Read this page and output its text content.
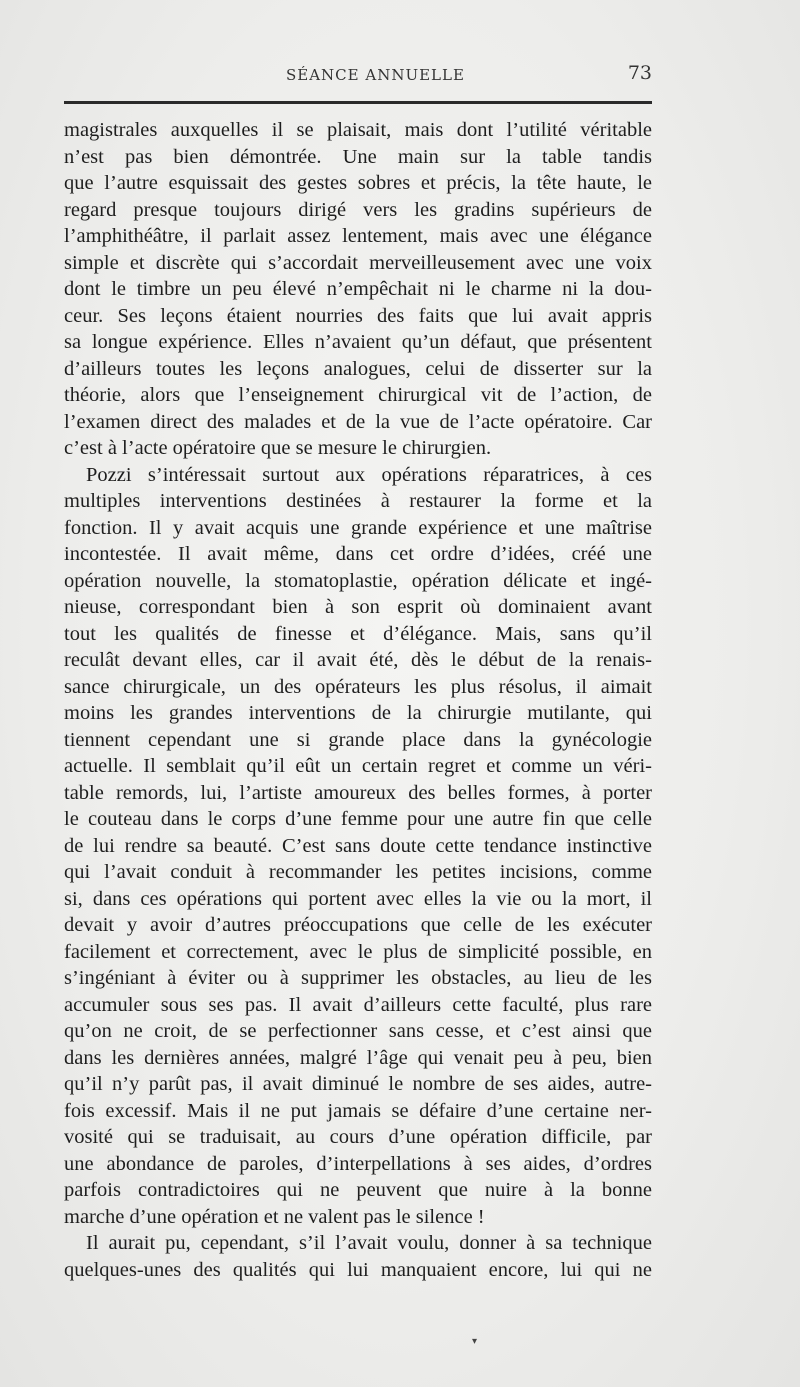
SÉANCE ANNUELLE	73
magistrales auxquelles il se plaisait, mais dont l’utilité véritable
n’est pas bien démontrée. Une main sur la table tandis
que l’autre esquissait des gestes sobres et précis, la tête haute, le
regard presque toujours dirigé vers les gradins supérieurs de
l’amphithéâtre, il parlait assez lentement, mais avec une élégance
simple et discrète qui s’accordait merveilleusement avec une voix
dont le timbre un peu élevé n’empêchait ni le charme ni la dou-
ceur. Ses leçons étaient nourries des faits que lui avait appris
sa longue expérience. Elles n’avaient qu’un défaut, que présentent
d’ailleurs toutes les leçons analogues, celui de disserter sur la
théorie, alors que l’enseignement chirurgical vit de l’action, de
l’examen direct des malades et de la vue de l’acte opératoire. Car
c’est à l’acte opératoire que se mesure le chirurgien.
Pozzi s’intéressait surtout aux opérations réparatrices, à ces
multiples interventions destinées à restaurer la forme et la
fonction. Il y avait acquis une grande expérience et une maîtrise
incontestée. Il avait même, dans cet ordre d’idées, créé une
opération nouvelle, la stomatoplastie, opération délicate et ingé-
nieuse, correspondant bien à son esprit où dominaient avant
tout les qualités de finesse et d’élégance. Mais, sans qu’il
reculât devant elles, car il avait été, dès le début de la renais-
sance chirurgicale, un des opérateurs les plus résolus, il aimait
moins les grandes interventions de la chirurgie mutilante, qui
tiennent cependant une si grande place dans la gynécologie
actuelle. Il semblait qu’il eût un certain regret et comme un véri-
table remords, lui, l’artiste amoureux des belles formes, à porter
le couteau dans le corps d’une femme pour une autre fin que celle
de lui rendre sa beauté. C’est sans doute cette tendance instinctive
qui l’avait conduit à recommander les petites incisions, comme
si, dans ces opérations qui portent avec elles la vie ou la mort, il
devait y avoir d’autres préoccupations que celle de les exécuter
facilement et correctement, avec le plus de simplicité possible, en
s’ingéniant à éviter ou à supprimer les obstacles, au lieu de les
accumuler sous ses pas. Il avait d’ailleurs cette faculté, plus rare
qu’on ne croit, de se perfectionner sans cesse, et c’est ainsi que
dans les dernières années, malgré l’âge qui venait peu à peu, bien
qu’il n’y parût pas, il avait diminué le nombre de ses aides, autre-
fois excessif. Mais il ne put jamais se défaire d’une certaine ner-
vosité qui se traduisait, au cours d’une opération difficile, par
une abondance de paroles, d’interpellations à ses aides, d’ordres
parfois contradictoires qui ne peuvent que nuire à la bonne
marche d’une opération et ne valent pas le silence !
Il aurait pu, cependant, s’il l’avait voulu, donner à sa technique
quelques-unes des qualités qui lui manquaient encore, lui qui ne
▾
